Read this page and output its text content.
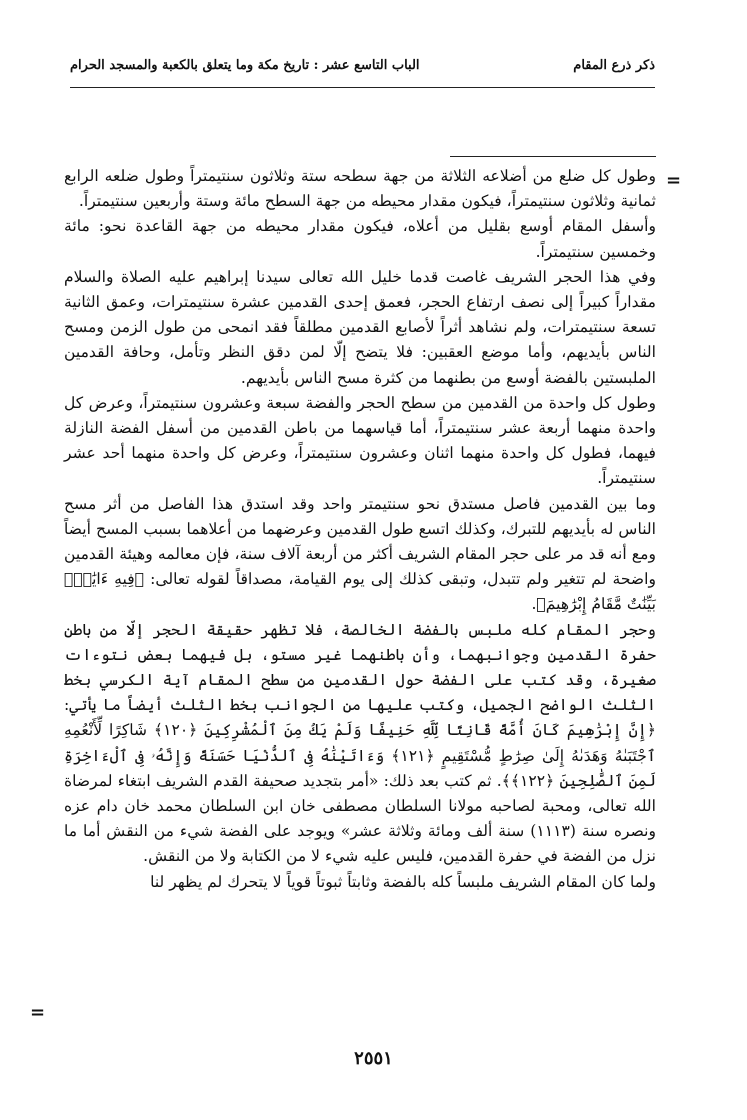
ذكر ذرع المقام
الباب التاسع عشر : تاريخ مكة وما يتعلق بالكعبة والمسجد الحرام
=

وطول كل ضلع من أضلاعه الثلاثة من جهة سطحه ستة وثلاثون سنتيمتراً وطول ضلعه الرابع ثمانية وثلاثون سنتيمتراً، فيكون مقدار محيطه من جهة السطح مائة وستة وأربعين سنتيمتراً.

وأسفل المقام أوسع بقليل من أعلاه، فيكون مقدار محيطه من جهة القاعدة نحو: مائة وخمسين سنتيمتراً.

وفي هذا الحجر الشريف غاصت قدما خليل الله تعالى سيدنا إبراهيم عليه الصلاة والسلام مقداراً كبيراً إلى نصف ارتفاع الحجر، فعمق إحدى القدمين عشرة سنتيمترات، وعمق الثانية تسعة سنتيمترات، ولم نشاهد أثراً لأصابع القدمين مطلقاً فقد انمحى من طول الزمن ومسح الناس بأيديهم، وأما موضع العقبين: فلا يتضح إلّا لمن دقق النظر وتأمل، وحافة القدمين الملبستين بالفضة أوسع من بطنهما من كثرة مسح الناس بأيديهم.

وطول كل واحدة من القدمين من سطح الحجر والفضة سبعة وعشرون سنتيمتراً، وعرض كل واحدة منهما أربعة عشر سنتيمتراً، أما قياسهما من باطن القدمين من أسفل الفضة النازلة فيهما، فطول كل واحدة منهما اثنان وعشرون سنتيمتراً، وعرض كل واحدة منهما أحد عشر سنتيمتراً.

وما بين القدمين فاصل مستدق نحو سنتيمتر واحد وقد استدق هذا الفاصل من أثر مسح الناس له بأيديهم للتبرك، وكذلك اتسع طول القدمين وعرضهما من أعلاهما بسبب المسح أيضاً ومع أنه قد مر على حجر المقام الشريف أكثر من أربعة آلاف سنة، فإن معالمه وهيئة القدمين واضحة لم تتغير ولم تتبدل، وتبقى كذلك إلى يوم القيامة، مصداقاً لقوله تعالى: ﴿فِيهِ ءَايَٰتٌۢ بَيِّنَٰتٌ مَّقَامُ إِبْرَٰهِيمَ﴾.

وحجر المقام كله ملبس بالفضة الخالصة، فلا تظهر حقيقة الحجر إلّا من باطن حفرة القدمين وجوانبهما، وأن باطنهما غير مستو، بل فيهما بعض نتوءات صغيرة، وقد كتب على الفضة حول القدمين من سطح المقام آية الكرسي بخط الثلث الواضح الجميل، وكتب عليها من الجوانب بخط الثلث أيضاً ما يأتي: ﴿إِنَّ إِبْرَٰهِيمَ كَانَ أُمَّةً قَانِتًا لِّلَّهِ حَنِيفًا وَلَمْ يَكُ مِنَ ٱلْمُشْرِكِينَ ﴿١٢٠﴾ شَاكِرًا لِّأَنْعُمِهِ ٱجْتَبَىٰهُ وَهَدَىٰهُ إِلَىٰ صِرَٰطٍ مُّسْتَقِيمٍ ﴿١٢١﴾ وَءَاتَيْنَٰهُ فِى ٱلدُّنْيَا حَسَنَةً وَإِنَّهُۥ فِى ٱلْءَاخِرَةِ لَمِنَ ٱلصَّٰلِحِينَ ﴿١٢٢﴾﴾. ثم كتب بعد ذلك: «أمر بتجديد صحيفة القدم الشريف ابتغاء لمرضاة الله تعالى، ومحبة لصاحبه مولانا السلطان مصطفى خان ابن السلطان محمد خان دام عزه ونصره سنة (١١١٣) سنة ألف ومائة وثلاثة عشر» ويوجد على الفضة شيء من النقش أما ما نزل من الفضة في حفرة القدمين، فليس عليه شيء لا من الكتابة ولا من النقش.

ولما كان المقام الشريف ملبساً كله بالفضة وثابتاً ثبوتاً قوياً لا يتحرك لم يظهر لنا

=
٢٥٥١
